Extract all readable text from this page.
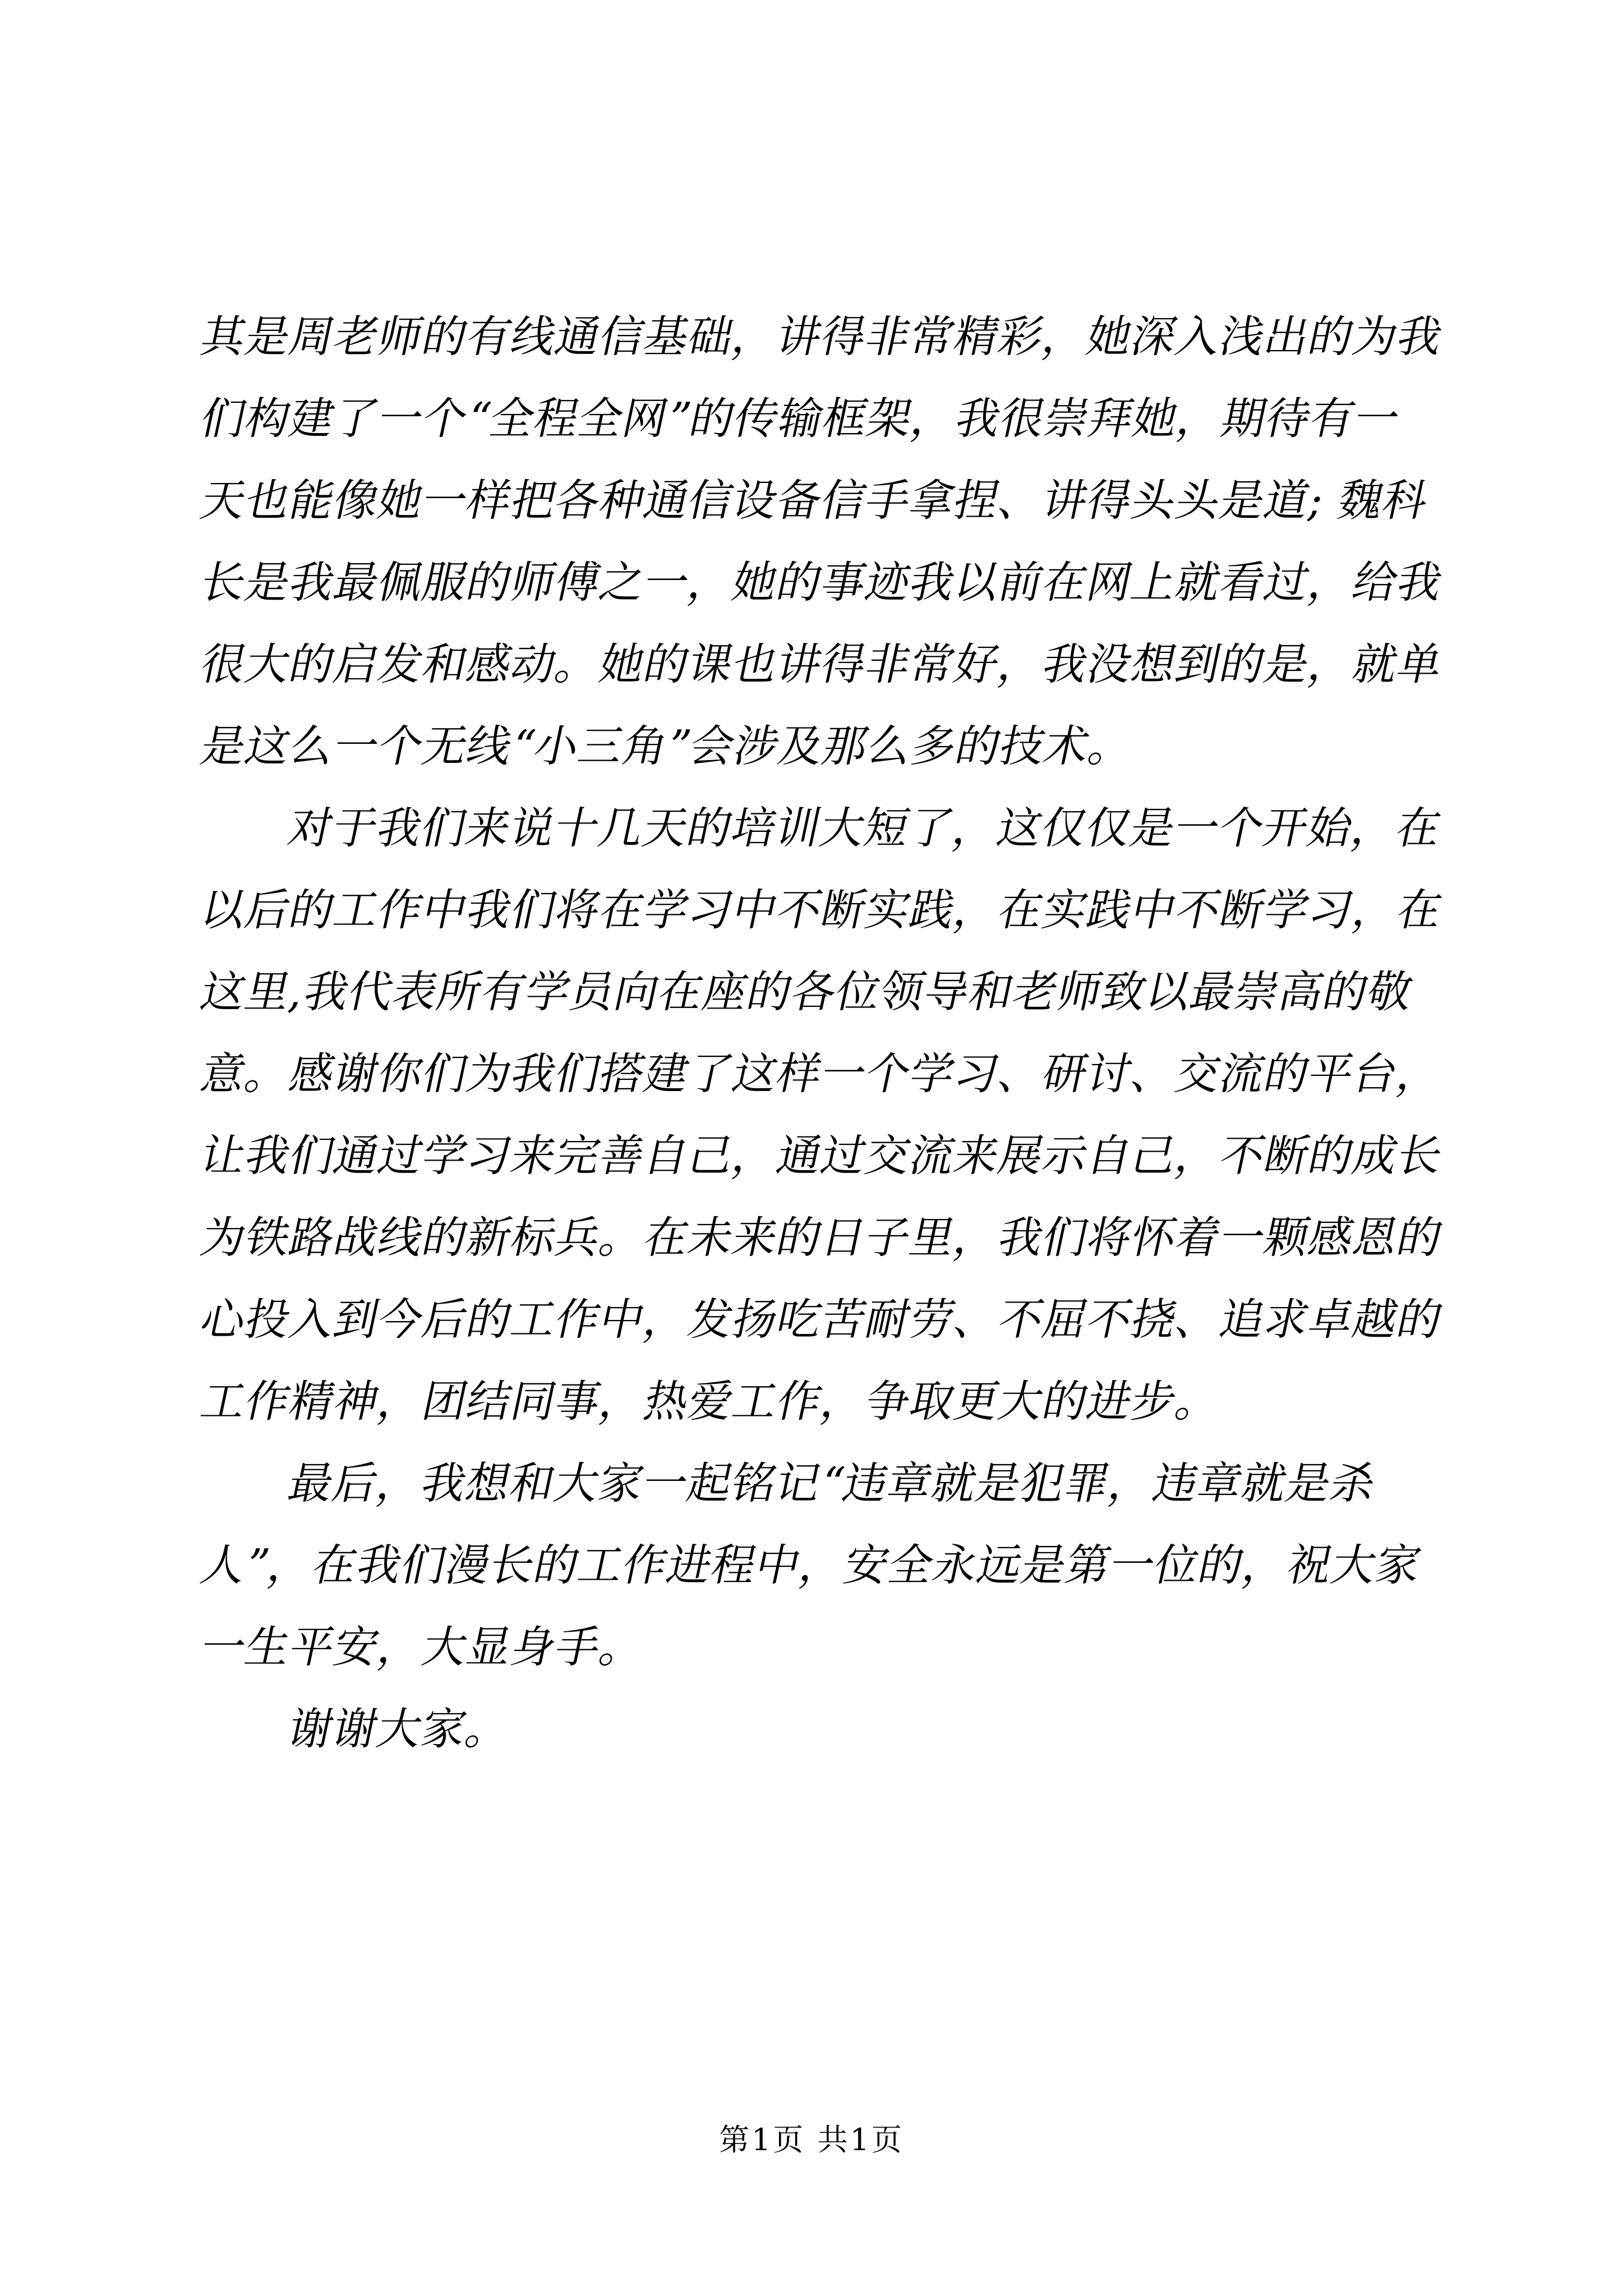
其是周老师的有线通信基础，讲得非常精彩，她深入浅出的为我
们构建了一个“全程全网”的传输框架，我很崇拜她，期待有一
天也能像她一样把各种通信设备信手拿捏、讲得头头是道; 魏科
长是我最佩服的师傅之一，她的事迹我以前在网上就看过，给我
很大的启发和感动。她的课也讲得非常好，我没想到的是，就单
是这么一个无线“小三角”会涉及那么多的技术。
对于我们来说十几天的培训大短了，这仅仅是一个开始，在
以后的工作中我们将在学习中不断实践，在实践中不断学习，在
这里,我代表所有学员向在座的各位领导和老师致以最崇高的敬
意。感谢你们为我们搭建了这样一个学习、研讨、交流的平台，
让我们通过学习来完善自己，通过交流来展示自己，不断的成长
为铁路战线的新标兵。在未来的日子里，我们将怀着一颗感恩的
心投入到今后的工作中，发扬吃苦耐劳、不屈不挠、追求卓越的
工作精神，团结同事，热爱工作，争取更大的进步。
最后，我想和大家一起铭记“违章就是犯罪，违章就是杀
人”，在我们漫长的工作进程中，安全永远是第一位的，祝大家
一生平安，大显身手。
谢谢大家。
第1页 共1页
